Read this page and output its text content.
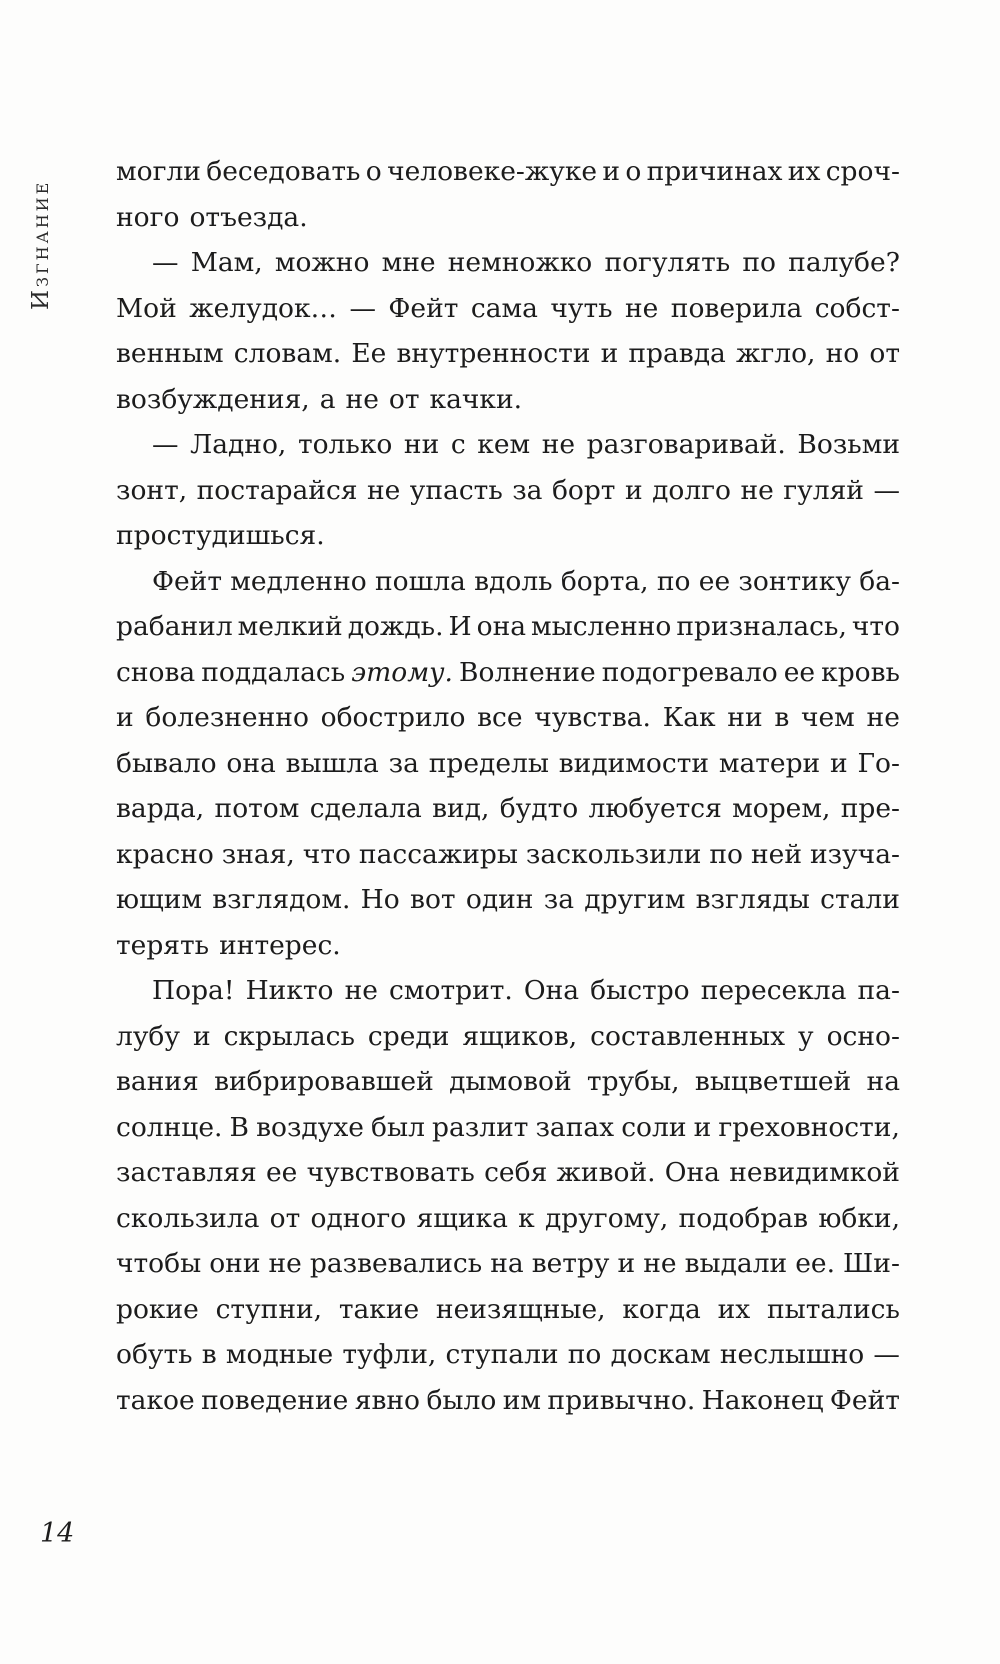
Изгнание
могли беседовать о человеке-жуке и о причинах их сроч-
ного отъезда.
— Мам, можно мне немножко погулять по палубе?
Мой желудок… — Фейт сама чуть не поверила собст-
венным словам. Ее внутренности и правда жгло, но от
возбуждения, а не от качки.
— Ладно, только ни с кем не разговаривай. Возьми
зонт, постарайся не упасть за борт и долго не гуляй —
простудишься.
Фейт медленно пошла вдоль борта, по ее зонтику ба-
рабанил мелкий дождь. И она мысленно призналась, что
снова поддалась этому. Волнение подогревало ее кровь
и болезненно обострило все чувства. Как ни в чем не
бывало она вышла за пределы видимости матери и Го-
варда, потом сделала вид, будто любуется морем, пре-
красно зная, что пассажиры заскользили по ней изуча-
ющим взглядом. Но вот один за другим взгляды стали
терять интерес.
Пора! Никто не смотрит. Она быстро пересекла па-
лубу и скрылась среди ящиков, составленных у осно-
вания вибрировавшей дымовой трубы, выцветшей на
солнце. В воздухе был разлит запах соли и греховности,
заставляя ее чувствовать себя живой. Она невидимкой
скользила от одного ящика к другому, подобрав юбки,
чтобы они не развевались на ветру и не выдали ее. Ши-
рокие ступни, такие неизящные, когда их пытались
обуть в модные туфли, ступали по доскам неслышно —
такое поведение явно было им привычно. Наконец Фейт
14
